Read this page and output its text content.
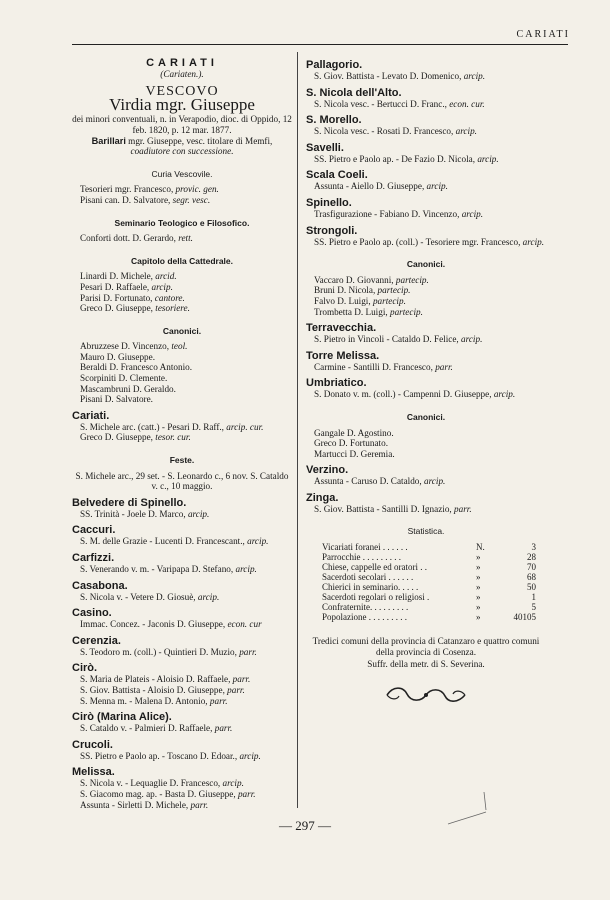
CARIATI
CARIATI
(Cariaten.).
VESCOVO
Virdia mgr. Giuseppe
dei minori conventuali, n. in Verapodio, dioc. di Oppido, 12 feb. 1820, p. 12 mar. 1877.
Barillari mgr. Giuseppe, vesc. titolare di Memfi,
coadiutore con successione.
Curia Vescovile.
Tesorieri mgr. Francesco, provic. gen.
Pisani can. D. Salvatore, segr. vesc.
Seminario Teologico e Filosofico.
Conforti dott. D. Gerardo, rett.
Capitolo della Cattedrale.
Linardi D. Michele, arcid.
Pesari D. Raffaele, arcip.
Parisi D. Fortunato, cantore.
Greco D. Giuseppe, tesoriere.
Canonici.
Abruzzese D. Vincenzo, teol.
Mauro D. Giuseppe.
Beraldi D. Francesco Antonio.
Scorpiniti D. Clemente.
Mascambruni D. Geraldo.
Pisani D. Salvatore.
Cariati.
S. Michele arc. (catt.) - Pesari D. Raff., arcip. cur.
Greco D. Giuseppe, tesor. cur.
Feste.
S. Michele arc., 29 set. - S. Leonardo c., 6 nov. S. Cataldo v. c., 10 maggio.
Belvedere di Spinello.
SS. Trinità - Joele D. Marco, arcip.
Caccuri.
S. M. delle Grazie - Lucenti D. Francescant., arcip.
Carfizzi.
S. Venerando v. m. - Varipapa D. Stefano, arcip.
Casabona.
S. Nicola v. - Vetere D. Giosuè, arcip.
Casino.
Immac. Concez. - Jaconis D. Giuseppe, econ. cur
Cerenzia.
S. Teodoro m. (coll.) - Quintieri D. Muzio, parr.
Cirò.
S. Maria de Plateis - Aloisio D. Raffaele, parr.
S. Giov. Battista - Aloisio D. Giuseppe, parr.
S. Menna m. - Malena D. Antonio, parr.
Cirò (Marina Alice).
S. Cataldo v. - Palmieri D. Raffaele, parr.
Crucoli.
SS. Pietro e Paolo ap. - Toscano D. Edoar., arcip.
Melissa.
S. Nicola v. - Lequaglie D. Francesco, arcip.
S. Giacomo mag. ap. - Basta D. Giuseppe, parr.
Assunta - Sirletti D. Michele, parr.
Pallagorio.
S. Giov. Battista - Levato D. Domenico, arcip.
S. Nicola dell'Alto.
S. Nicola vesc. - Bertucci D. Franc., econ. cur.
S. Morello.
S. Nicola vesc. - Rosati D. Francesco, arcip.
Savelli.
SS. Pietro e Paolo ap. - De Fazio D. Nicola, arcip.
Scala Coeli.
Assunta - Aiello D. Giuseppe, arcip.
Spinello.
Trasfigurazione - Fabiano D. Vincenzo, arcip.
Strongoli.
SS. Pietro e Paolo ap. (coll.) - Tesoriere mgr. Francesco, arcip.
Canonici.
Vaccaro D. Giovanni, partecip.
Bruni D. Nicola, partecip.
Falvo D. Luigi, partecip.
Trombetta D. Luigi, partecip.
Terravecchia.
S. Pietro in Vincoli - Cataldo D. Felice, arcip.
Torre Melissa.
Carmine - Santilli D. Francesco, parr.
Umbriatico.
S. Donato v. m. (coll.) - Campenni D. Giuseppe, arcip.
Canonici.
Gangale D. Agostino.
Greco D. Fortunato.
Martucci D. Geremia.
Verzino.
Assunta - Caruso D. Cataldo, arcip.
Zinga.
S. Giov. Battista - Santilli D. Ignazio, parr.
Statistica.
Vicariati foranei . . . . . .	N.	3
Parrocchie . . . . . . . . .	»	28
Chiese, cappelle ed oratori . .	»	70
Sacerdoti secolari . . . . . .	»	68
Chierici in seminario. . . . .	»	50
Sacerdoti regolari o religiosi .	»	1
Confraternite. . . . . . . . .	»	5
Popolazione . . . . . . . . .	»	40105
Tredici comuni della provincia di Catanzaro e quattro comuni della provincia di Cosenza.
Suffr. della metr. di S. Severina.
— 297 —
